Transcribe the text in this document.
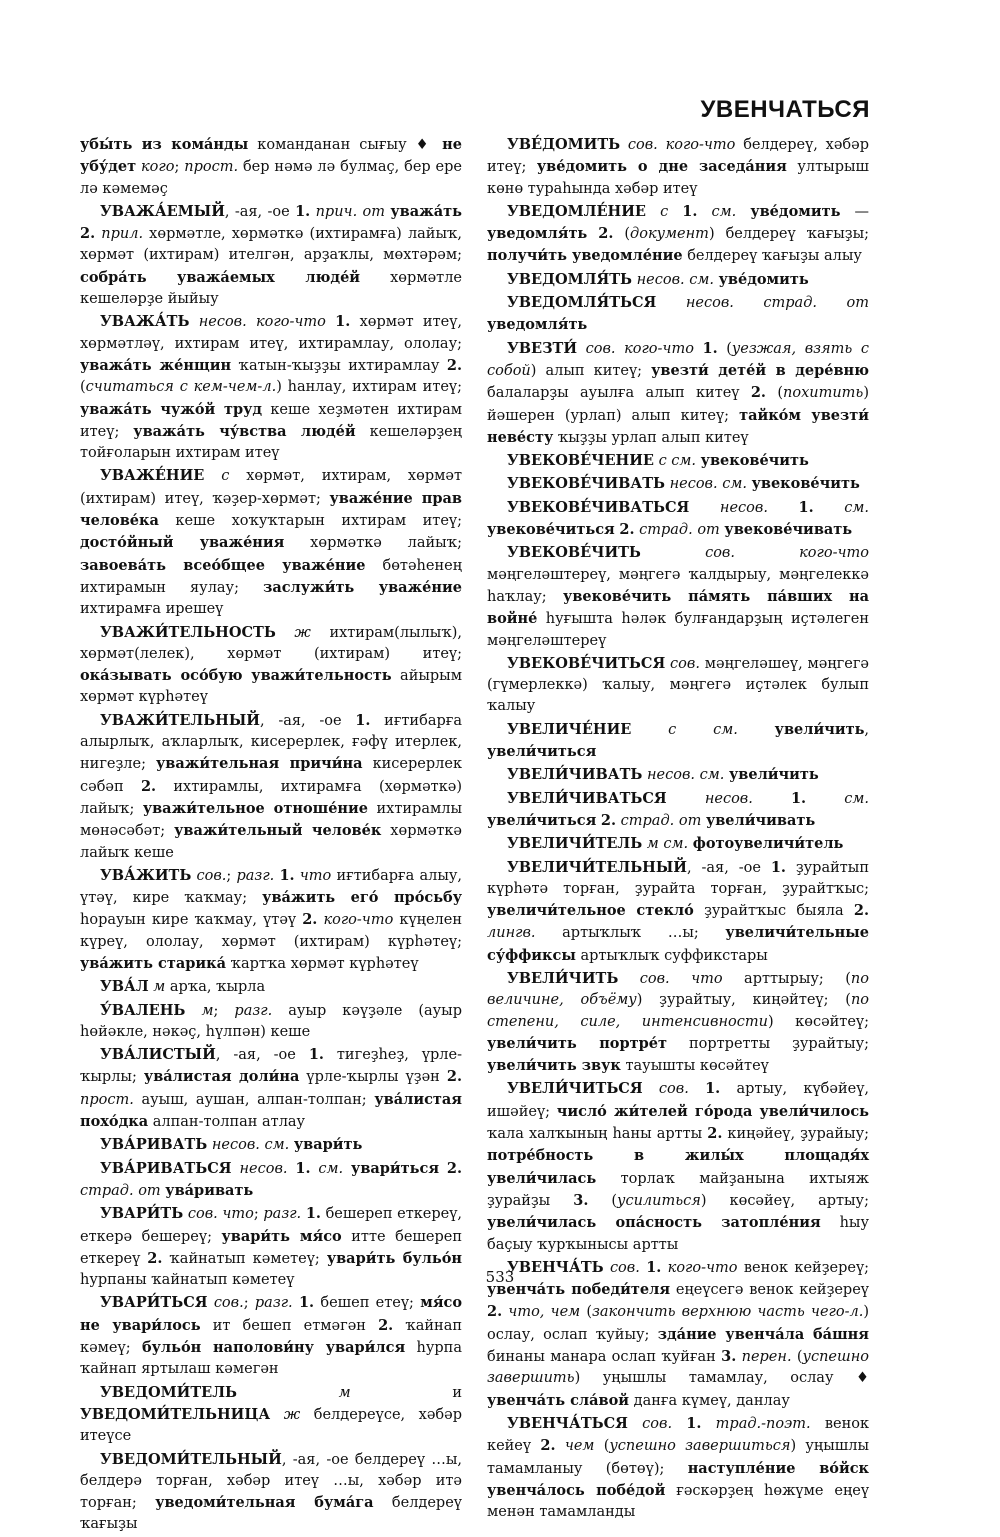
УВЕНЧАТЬСЯ

убы́ть из кома́нды команданан сығыу ♦ не убу́дет кого; прост. бер нәмә лә булмаç, бер ере лә кәмемәç

УВАЖА́ЕМЫЙ, -ая, -ое 1. прич. от уважа́ть 2. прил. хөрмәтле, хөрмәткә (ихтирамға) лайыҡ, хөрмәт (ихтирам) ителгән, арҙаҡлы, мөхтәрәм; собра́ть уважа́емых люде́й хөрмәтле кешеләрҙе йыйыу

УВАЖА́ТЬ несов. кого-что 1. хөрмәт итеү, хөрмәтләү, ихтирам итеү, ихтирамлау, ололау; уважа́ть же́нщин ҡатын-ҡыҙҙы ихтирамлау 2. (считаться с кем-чем-л.) һанлау, ихтирам итеү; уважа́ть чужо́й труд кеше хеҙмәтен ихтирам итеү; уважа́ть чу́вства люде́й кешеләрҙең тойғоларын ихтирам итеү

УВАЖЕ́НИЕ с хөрмәт, ихтирам, хөрмәт (ихтирам) итеү, ҡәҙер-хөрмәт; уваже́ние прав челове́ка кеше хоҡуҡтарын ихтирам итеү; досто́йный уваже́ния хөрмәткә лайыҡ; завоева́ть всео́бщее уваже́ние бөтәһенең ихтирамын яулау; заслужи́ть уваже́ние ихтирамға ирешеү

УВАЖИ́ТЕЛЬНОСТЬ ж ихтирам(лылыҡ), хөрмәт(лелек), хөрмәт (ихтирам) итеү; ока́зывать осо́бую уважи́тельность айырым хөрмәт күрһәтеү

УВАЖИ́ТЕЛЬНЫЙ, -ая, -ое 1. иғтибарға алырлыҡ, аҡларлыҡ, кисерерлек, ғәфү итерлек, нигеҙле; уважи́тельная причи́на кисерерлек сәбәп 2. ихтирамлы, ихтирамға (хөрмәткә) лайыҡ; уважи́тельное отноше́ние ихтирамлы мөнәсәбәт; уважи́тельный челове́к хөрмәткә лайыҡ кеше

УВА́ЖИТЬ сов.; разг. 1. что иғтибарға алыу, үтәү, кире ҡаҡмау; ува́жить его́ про́сьбу һорауын кире ҡаҡмау, үтәү 2. кого-что күңелен күреү, ололау, хөрмәт (ихтирам) күрһәтеү; ува́жить старика́ ҡартҡа хөрмәт күрһәтеү

УВА́Л м арҡа, ҡырла

У́ВАЛЕНЬ м; разг. ауыр кәүҙәле (ауыр һөйәкле, нәкәç, һүлпән) кеше

УВА́ЛИСТЫЙ, -ая, -ое 1. тигеҙһеҙ, үрле-ҡырлы; ува́листая доли́на үрле-ҡырлы үҙән 2. прост. ауыш, аушан, алпан-толпан; ува́листая похо́дка алпан-толпан атлау

УВА́РИВАТЬ несов. см. увари́ть

УВА́РИВАТЬСЯ несов. 1. см. увари́ться 2. страд. от ува́ривать

УВАРИ́ТЬ сов. что; разг. 1. бешереп еткереү, еткерә бешереү; увари́ть мя́со итте бешереп еткереү 2. ҡайнатып кәметеү; увари́ть бульо́н һурпаны ҡайнатып кәметеү

УВАРИ́ТЬСЯ сов.; разг. 1. бешеп етеү; мя́со не увари́лось ит бешеп етмәгән 2. ҡайнап кәмеү; бульо́н наполови́ну увари́лся һурпа ҡайнап яртылаш кәмегән

УВЕДОМИ́ТЕЛЬ	м и УВЕДОМИ́ТЕЛЬНИЦА ж белдереүсе, хәбәр итеүсе

УВЕДОМИ́ТЕЛЬНЫЙ, -ая, -ое белдереү …ы, белдерә торған, хәбәр итеү …ы, хәбәр итә торған; уведоми́тельная бума́га белдереү ҡағыҙы

УВЕ́ДОМИТЬ сов. кого-что белдереү, хәбәр итеү; уве́домить о дне заседа́ния ултырыш көнө тураһында хәбәр итеү

УВЕДОМЛЕ́НИЕ с 1. см. уве́домить — уведомля́ть 2. (документ) белдереү ҡағыҙы; получи́ть уведомле́ние белдереү ҡағыҙы алыу

УВЕДОМЛЯ́ТЬ несов. см. уве́домить

УВЕДОМЛЯ́ТЬСЯ несов. страд. от уведомля́ть

УВЕЗТИ́ сов. кого-что 1. (уезжая, взять с собой) алып китеү; увезти́ дете́й в дере́вню балаларҙы ауылға алып китеү 2. (похитить) йәшерен (урлап) алып китеү; тайко́м увезти́ неве́сту ҡыҙҙы урлап алып китеү

УВЕКОВЕ́ЧЕНИЕ с см. увекове́чить

УВЕКОВЕ́ЧИВАТЬ несов. см. увекове́чить

УВЕКОВЕ́ЧИВАТЬСЯ несов. 1. см. увекове́читься 2. страд. от увекове́чивать

УВЕКОВЕ́ЧИТЬ	сов. кого-что мәңгеләштереү, мәңгегә ҡалдырыу, мәңгелеккә һаҡлау; увекове́чить па́мять па́вших на войне́ һуғышта һәләк булғандарҙың иҫтәлеген мәңгеләштереү

УВЕКОВЕ́ЧИТЬСЯ сов. мәңгеләшеү, мәңгегә (гүмерлеккә) ҡалыу, мәңгегә иҫтәлек булып ҡалыу

УВЕЛИЧЕ́НИЕ	с см.	увели́чить, увели́читься

УВЕЛИ́ЧИВАТЬ несов. см. увели́чить

УВЕЛИ́ЧИВАТЬСЯ	несов.	1.	см. увели́читься 2. страд. от увели́чивать

УВЕЛИЧИ́ТЕЛЬ м см. фотоувеличи́тель

УВЕЛИЧИ́ТЕЛЬНЫЙ, -ая, -ое 1. ҙурайтып күрһәтә торған, ҙурайта торған, ҙурайтҡыс; увеличи́тельное стекло́ ҙурайтҡыс быяла 2. лингв. артыҡлыҡ …ы; увеличи́тельные су́ффиксы артыҡлыҡ суффикстары

УВЕЛИ́ЧИТЬ сов. что арттырыу; (по величине, объёму) ҙурайтыу, киңәйтеү; (по степени, силе, интенсивности) көсәйтеү; увели́чить портре́т портретты ҙурайтыу; увели́чить звук тауышты көсәйтеү

УВЕЛИ́ЧИТЬСЯ сов. 1. артыу, күбәйеү, ишәйеү; число́ жи́телей го́рода увели́чилось ҡала халҡының һаны артты 2. киңәйеү, ҙурайыу; потре́бность в жилы́х площадя́х увели́чилась торлаҡ майҙанына ихтыяж ҙурайҙы 3. (усилиться) көсәйеү, артыу; увели́чилась опа́сность затопле́ния һыу баçыу ҡурҡынысы артты

УВЕНЧА́ТЬ сов. 1. кого-что венок кейҙереү; увенча́ть победи́теля еңеүсегә венок кейҙереү 2. что, чем (закончить верхнюю часть чего-л.) ослау, ослап ҡуйыу; зда́ние увенча́ла ба́шня бинаны манара ослап ҡуйған 3. перен. (успешно завершить) уңышлы тамамлау, ослау ♦ увенча́ть сла́вой данға күмеү, данлау

УВЕНЧА́ТЬСЯ сов. 1. трад.-поэт. венок кейеү 2. чем (успешно завершиться) уңышлы тамамланыу (бөтөү); наступле́ние во́йск увенча́лось побе́дой ғәскәрҙең һөжүме еңеү менән тамамланды

533
